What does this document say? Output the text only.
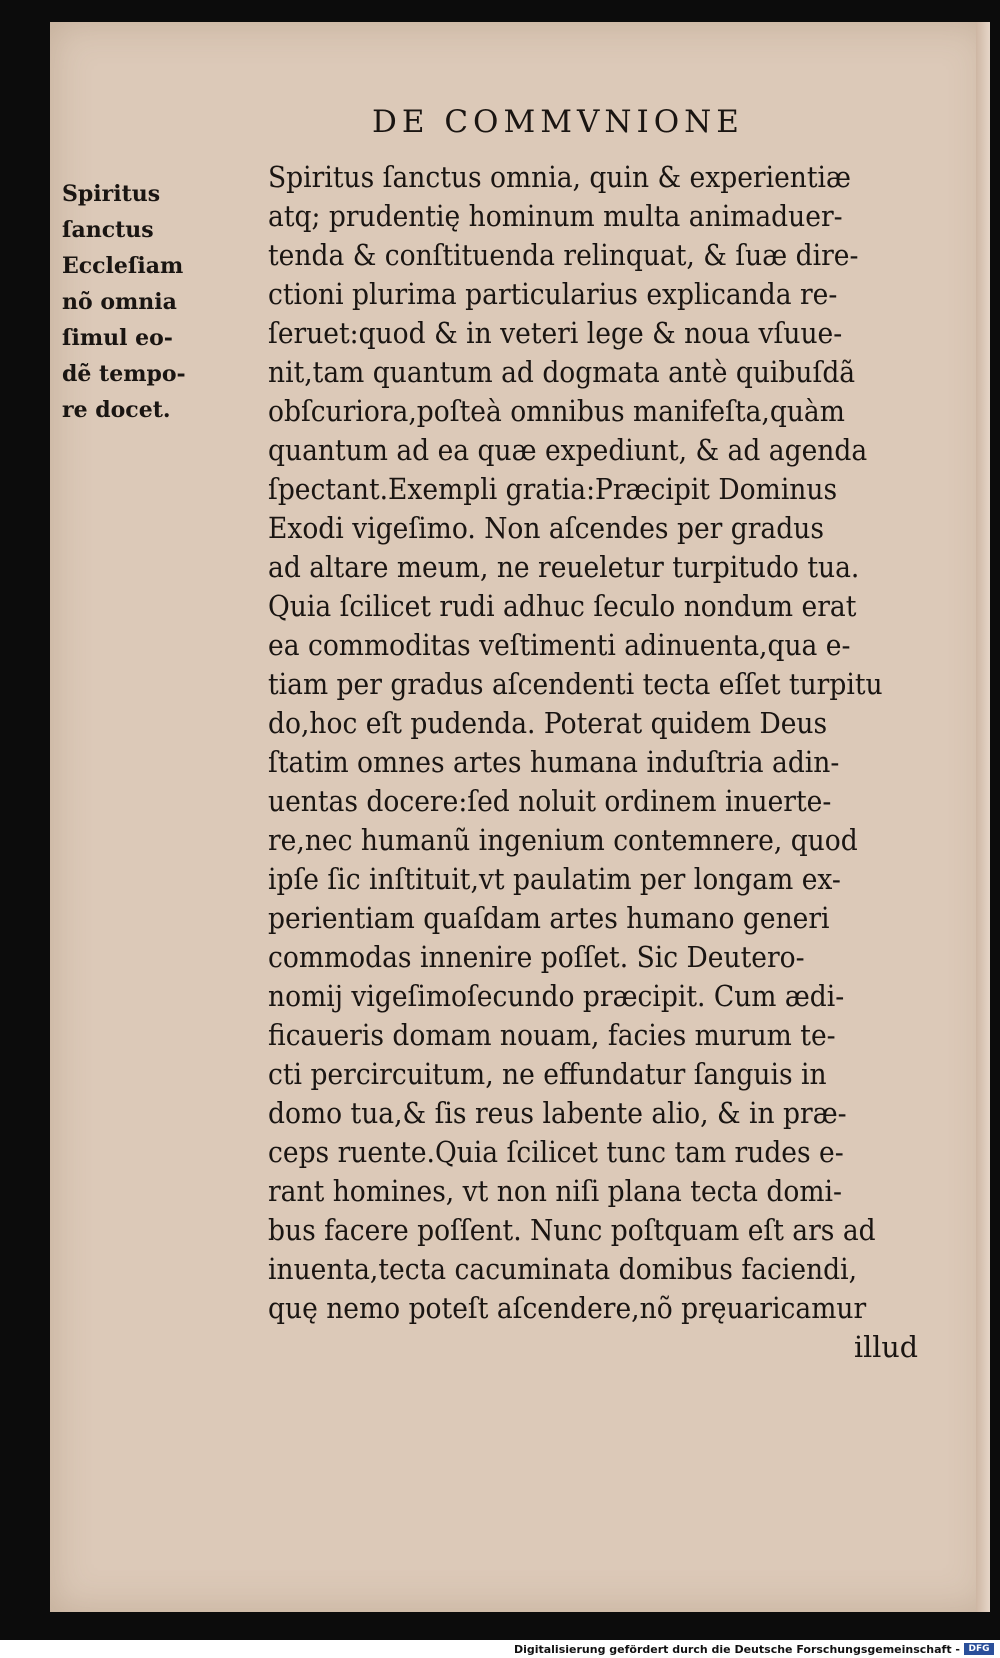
DE COMMVNIONE
Spiritus
ſanctus
Eccleſiam
nõ omnia
ſimul eo-
dẽ tempo-
re docet.
Spiritus ſanctus omnia, quin & experientiæ
atq; prudentię hominum multa animaduer-
tenda & conſtituenda relinquat, & ſuæ dire-
ctioni plurima particularius explicanda re-
ſeruet:quod & in veteri lege & noua vſuue-
nit,tam quantum ad dogmata antè quibuſdã
obſcuriora,poſteà omnibus manifeſta,quàm
quantum ad ea quæ expediunt, & ad agenda
ſpectant.Exempli gratia:Præcipit Dominus
Exodi vigeſimo. Non aſcendes per gradus
ad altare meum, ne reueletur turpitudo tua.
Quia ſcilicet rudi adhuc ſeculo nondum erat
ea commoditas veſtimenti adinuenta,qua e-
tiam per gradus aſcendenti tecta eſſet turpitu
do,hoc eſt pudenda. Poterat quidem Deus
ſtatim omnes artes humana induſtria adin-
uentas docere:ſed noluit ordinem inuerte-
re,nec humanũ ingenium contemnere, quod
ipſe ſic inſtituit,vt paulatim per longam ex-
perientiam quaſdam artes humano generi
commodas innenire poſſet. Sic Deutero-
nomij vigeſimoſecundo præcipit. Cum ædi-
ficaueris domam nouam, facies murum te-
cti percircuitum, ne effundatur ſanguis in
domo tua,& ſis reus labente alio, & in præ-
ceps ruente.Quia ſcilicet tunc tam rudes e-
rant homines, vt non niſi plana tecta domi-
bus facere poſſent. Nunc poſtquam eſt ars ad
inuenta,tecta cacuminata domibus faciendi,
quę nemo poteſt aſcendere,nõ pręuaricamur
illud
Digitalisierung gefördert durch die Deutsche Forschungsgemeinschaft - DFG
